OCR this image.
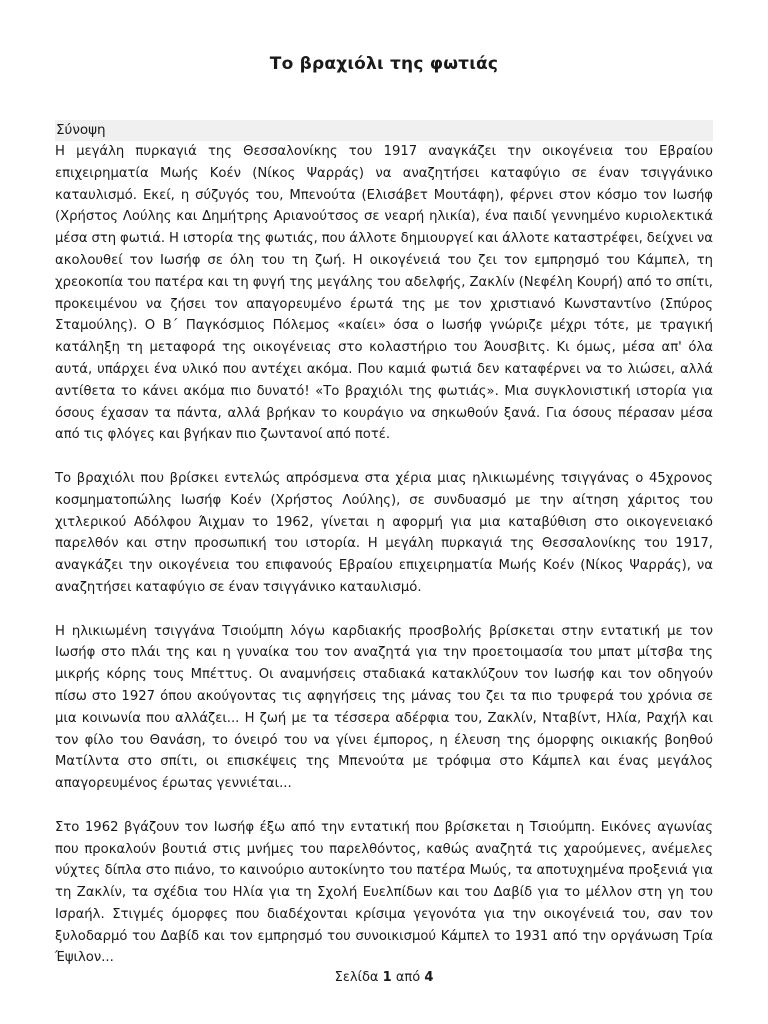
Το βραχιόλι της φωτιάς

Σύνοψη

Η μεγάλη πυρκαγιά της Θεσσαλονίκης του 1917 αναγκάζει την οικογένεια του Εβραίου επιχειρηματία Μωής Κοέν (Νίκος Ψαρράς) να αναζητήσει καταφύγιο σε έναν τσιγγάνικο καταυλισμό. Εκεί, η σύζυγός του, Μπενούτα (Ελισάβετ Μουτάφη), φέρνει στον κόσμο τον Ιωσήφ (Χρήστος Λούλης και Δημήτρης Αριανούτσος σε νεαρή ηλικία), ένα παιδί γεννημένο κυριολεκτικά μέσα στη φωτιά. Η ιστορία της φωτιάς, που άλλοτε δημιουργεί και άλλοτε καταστρέφει, δείχνει να ακολουθεί τον Ιωσήφ σε όλη του τη ζωή. Η οικογένειά του ζει τον εμπρησμό του Κάμπελ, τη χρεοκοπία του πατέρα και τη φυγή της μεγάλης του αδελφής, Ζακλίν (Νεφέλη Κουρή) από το σπίτι, προκειμένου να ζήσει τον απαγορευμένο έρωτά της με τον χριστιανό Κωνσταντίνο (Σπύρος Σταμούλης). Ο Β΄ Παγκόσμιος Πόλεμος «καίει» όσα ο Ιωσήφ γνώριζε μέχρι τότε, με τραγική κατάληξη τη μεταφορά της οικογένειας στο κολαστήριο του Άουσβιτς. Κι όμως, μέσα απ' όλα αυτά, υπάρχει ένα υλικό που αντέχει ακόμα. Που καμιά φωτιά δεν καταφέρνει να το λιώσει, αλλά αντίθετα το κάνει ακόμα πιο δυνατό! «Το βραχιόλι της φωτιάς». Μια συγκλονιστική ιστορία για όσους έχασαν τα πάντα, αλλά βρήκαν το κουράγιο να σηκωθούν ξανά. Για όσους πέρασαν μέσα από τις φλόγες και βγήκαν πιο ζωντανοί από ποτέ.

Το βραχιόλι που βρίσκει εντελώς απρόσμενα στα χέρια μιας ηλικιωμένης τσιγγάνας ο 45χρονος κοσμηματοπώλης Ιωσήφ Κοέν (Χρήστος Λούλης), σε συνδυασμό με την αίτηση χάριτος του χιτλερικού Αδόλφου Άιχμαν το 1962, γίνεται η αφορμή για μια καταβύθιση στο οικογενειακό παρελθόν και στην προσωπική του ιστορία. Η μεγάλη πυρκαγιά της Θεσσαλονίκης του 1917, αναγκάζει την οικογένεια του επιφανούς Εβραίου επιχειρηματία Μωής Κοέν (Νίκος Ψαρράς), να αναζητήσει καταφύγιο σε έναν τσιγγάνικο καταυλισμό.

Η ηλικιωμένη τσιγγάνα Τσιούμπη λόγω καρδιακής προσβολής βρίσκεται στην εντατική με τον Ιωσήφ στο πλάι της και η γυναίκα του τον αναζητά για την προετοιμασία του μπατ μίτσβα της μικρής κόρης τους Μπέττυς. Οι αναμνήσεις σταδιακά κατακλύζουν τον Ιωσήφ και τον οδηγούν πίσω στο 1927 όπου ακούγοντας τις αφηγήσεις της μάνας του ζει τα πιο τρυφερά του χρόνια σε μια κοινωνία που αλλάζει... Η ζωή με τα τέσσερα αδέρφια του, Ζακλίν, Νταβίντ, Ηλία, Ραχήλ και τον φίλο του Θανάση, το όνειρό του να γίνει έμπορος, η έλευση της όμορφης οικιακής βοηθού Ματίλντα στο σπίτι, οι επισκέψεις της Μπενούτα με τρόφιμα στο Κάμπελ και ένας μεγάλος απαγορευμένος έρωτας γεννιέται...

Στο 1962 βγάζουν τον Ιωσήφ έξω από την εντατική που βρίσκεται η Τσιούμπη. Εικόνες αγωνίας που προκαλούν βουτιά στις μνήμες του παρελθόντος, καθώς αναζητά τις χαρούμενες, ανέμελες νύχτες δίπλα στο πιάνο, το καινούριο αυτοκίνητο του πατέρα Μωύς, τα αποτυχημένα προξενιά για τη Ζακλίν, τα σχέδια του Ηλία για τη Σχολή Ευελπίδων και του Δαβίδ για το μέλλον στη γη του Ισραήλ. Στιγμές όμορφες που διαδέχονται κρίσιμα γεγονότα για την οικογένειά του, σαν τον ξυλοδαρμό του Δαβίδ και τον εμπρησμό του συνοικισμού Κάμπελ το 1931 από την οργάνωση Τρία Έψιλον...

Σελίδα 1 από 4
